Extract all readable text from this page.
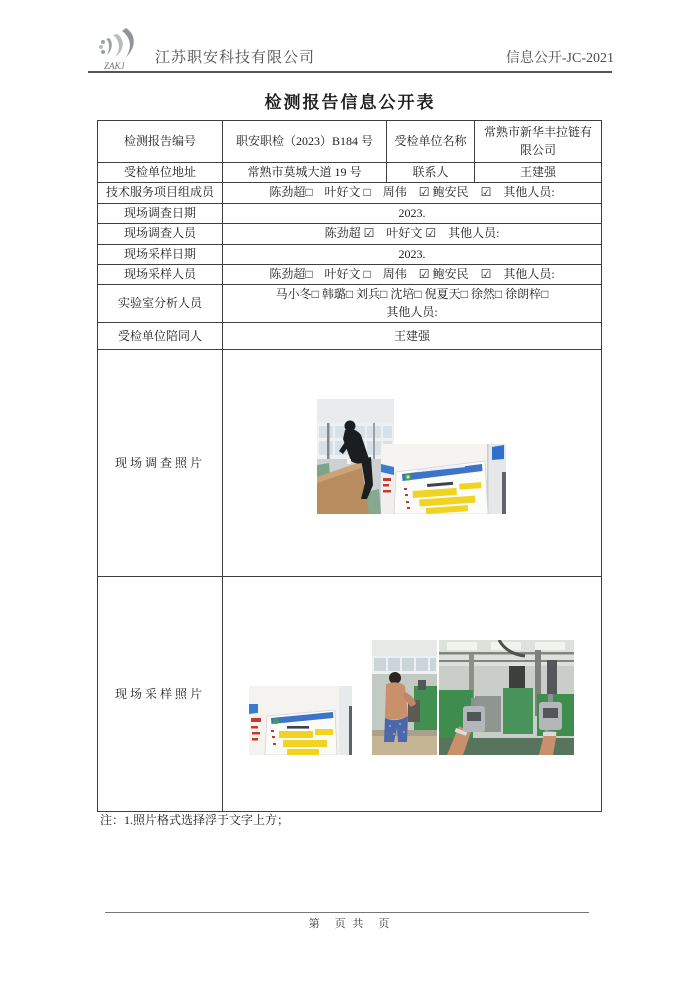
ZAKJ 江苏职安科技有限公司	信息公开-JC-2021
检测报告信息公开表
检测报告编号	职安职检（2023）B184 号	受检单位名称	常熟市新华丰拉链有限公司
受检单位地址	常熟市莫城大道 19 号	联系人	王建强
技术服务项目组成员	陈劲超□　叶好文 □　周伟　☑ 鲍安民　☑　其他人员:		
现场调查日期	2023.		
现场调查人员	陈劲超 ☑　叶好文 ☑　其他人员:		
现场采样日期	2023.		
现场采样人员	陈劲超□　叶好文 □　周伟　☑ 鲍安民　☑　其他人员:		
实验室分析人员	马小冬□ 韩璐□ 刘兵□ 沈培□ 倪夏天□ 徐然□ 徐朗梓□
其他人员:		

受检单位陪同人	王建强		
现场调查照片	

现场采样照片	
注：1.照片格式选择浮于文字上方；
第　页 共　页
